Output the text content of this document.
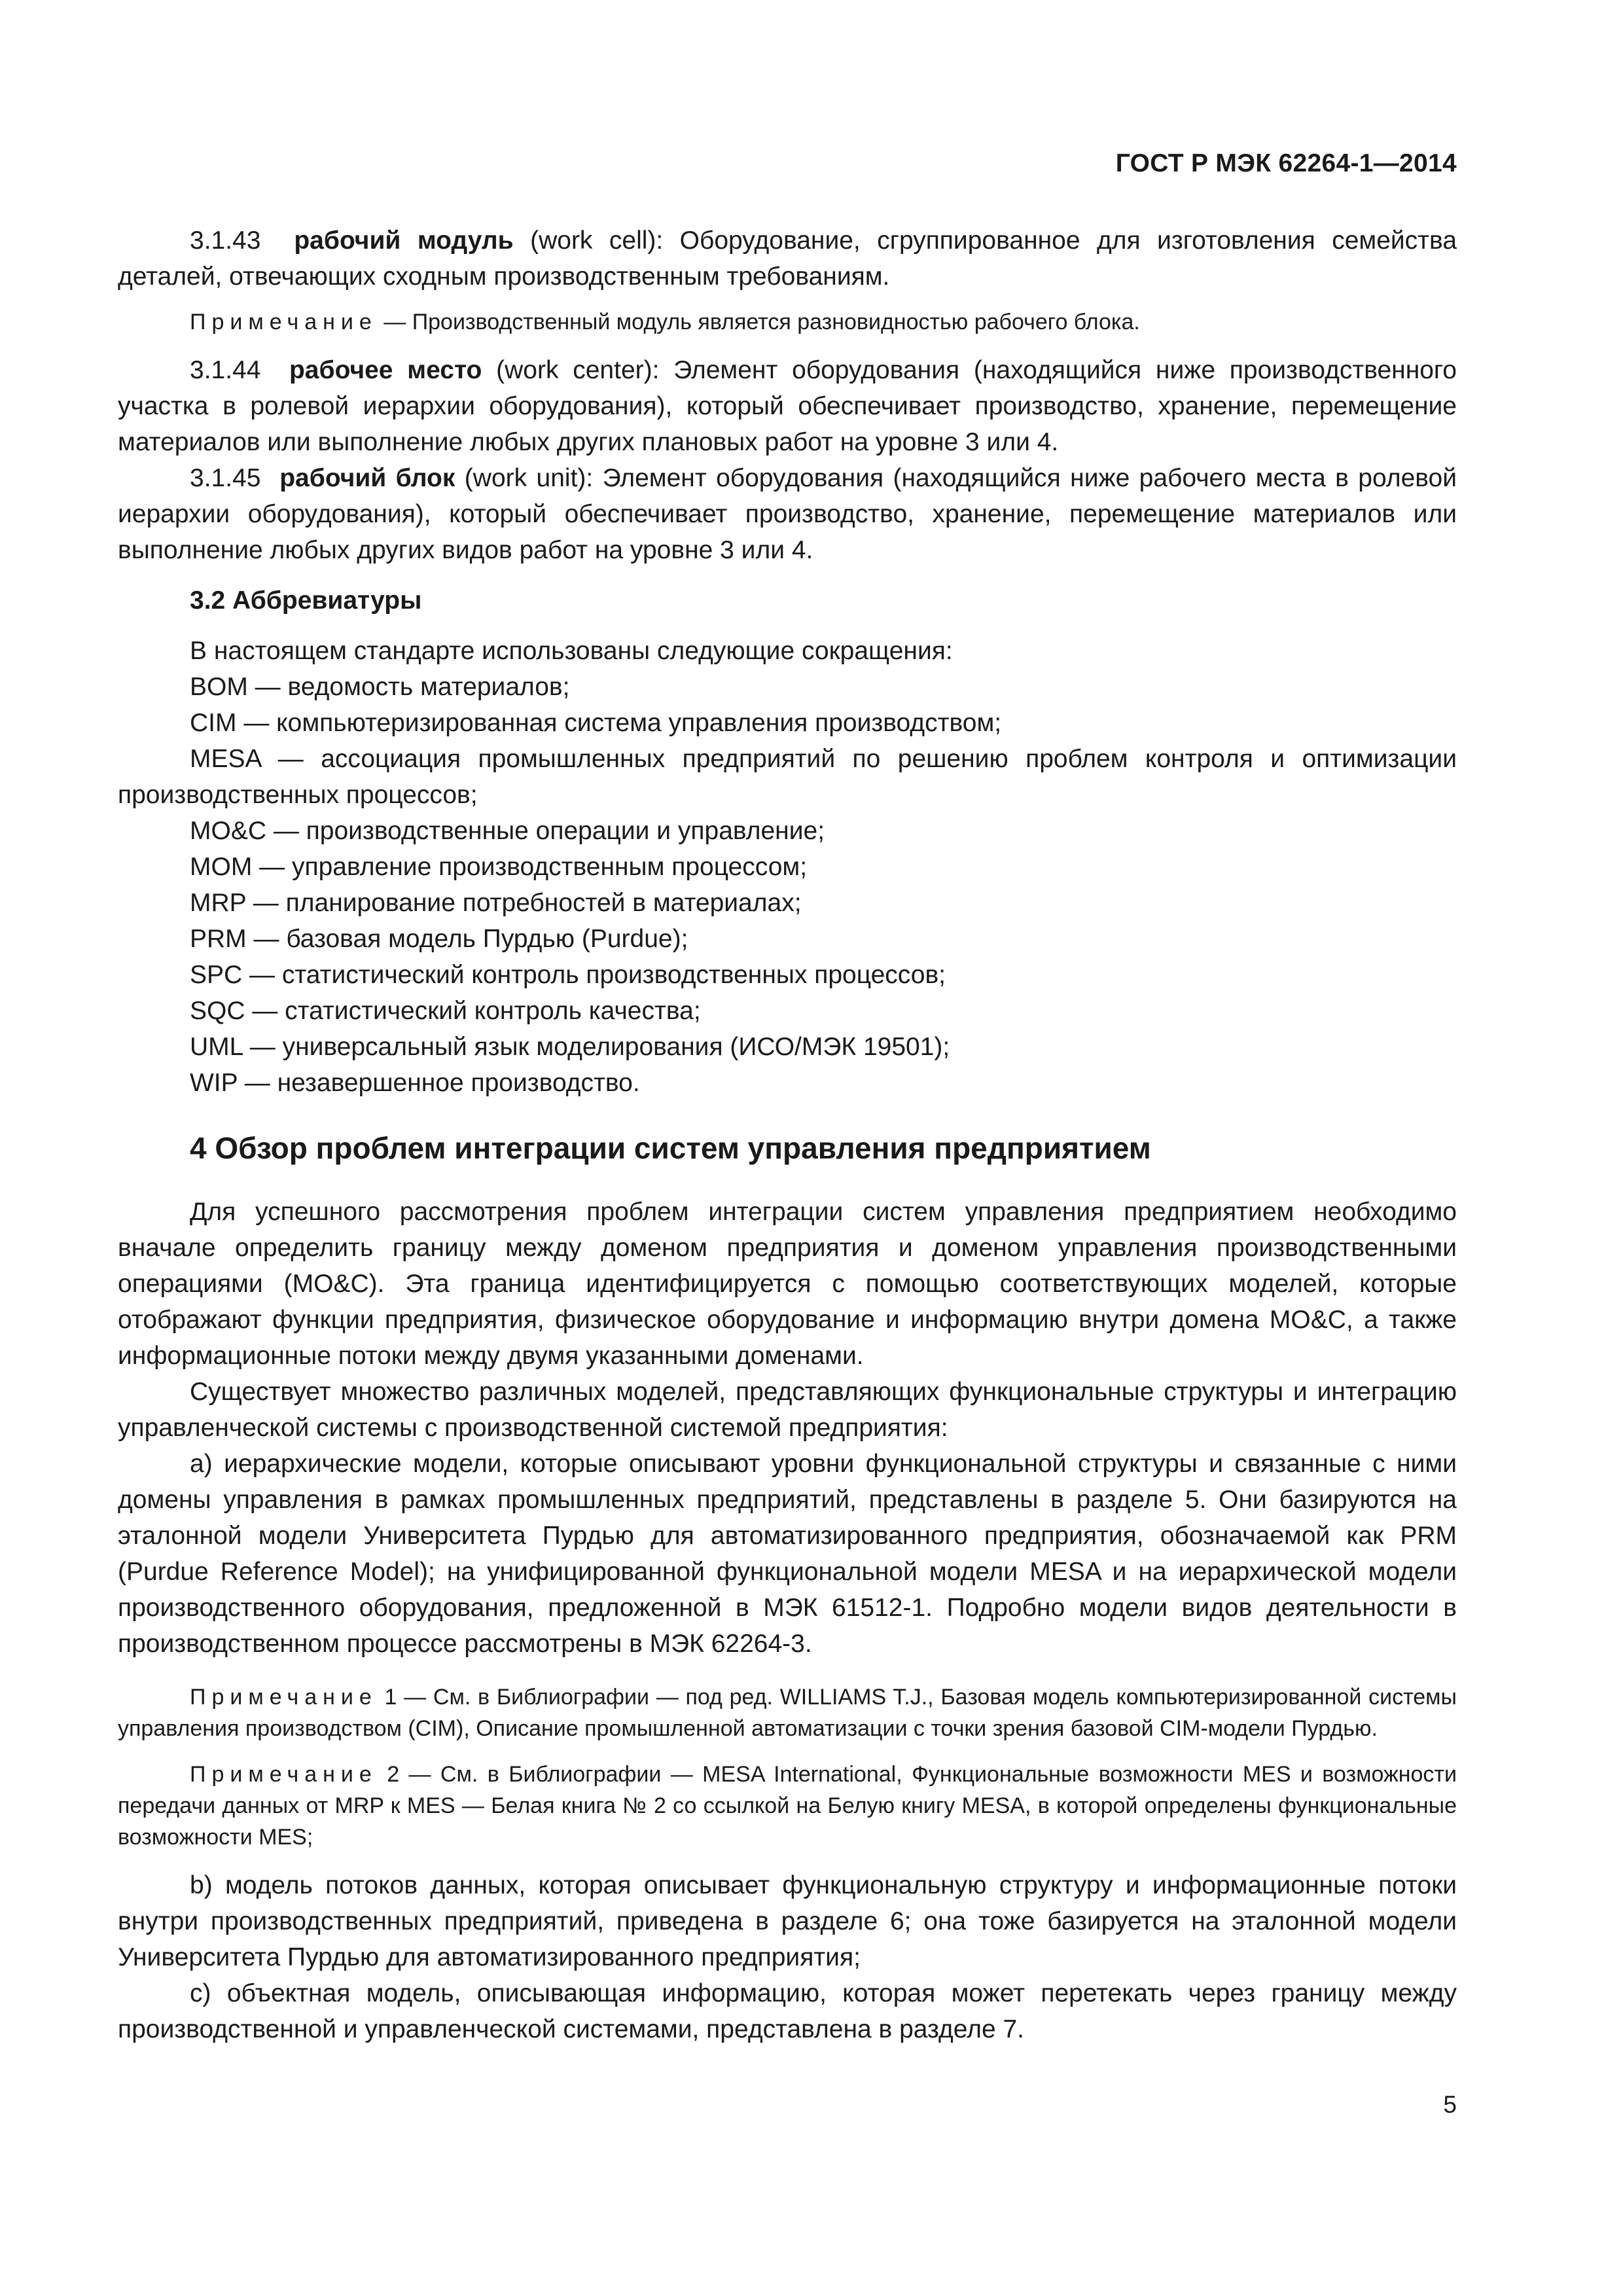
ГОСТ Р МЭК 62264-1—2014

3.1.43 рабочий модуль (work cell): Оборудование, сгруппированное для изготовления семейства деталей, отвечающих сходным производственным требованиям.

Примечание — Производственный модуль является разновидностью рабочего блока.

3.1.44 рабочее место (work center): Элемент оборудования (находящийся ниже производственного участка в ролевой иерархии оборудования), который обеспечивает производство, хранение, перемещение материалов или выполнение любых других плановых работ на уровне 3 или 4.

3.1.45 рабочий блок (work unit): Элемент оборудования (находящийся ниже рабочего места в ролевой иерархии оборудования), который обеспечивает производство, хранение, перемещение материалов или выполнение любых других видов работ на уровне 3 или 4.

3.2 Аббревиатуры

В настоящем стандарте использованы следующие сокращения:

BOM — ведомость материалов;

CIM — компьютеризированная система управления производством;

MESA — ассоциация промышленных предприятий по решению проблем контроля и оптимизации производственных процессов;

MO&C — производственные операции и управление;

MOM — управление производственным процессом;

MRP — планирование потребностей в материалах;

PRM — базовая модель Пурдью (Purdue);

SPC — статистический контроль производственных процессов;

SQC — статистический контроль качества;

UML — универсальный язык моделирования (ИСО/МЭК 19501);

WIP — незавершенное производство.

4 Обзор проблем интеграции систем управления предприятием

Для успешного рассмотрения проблем интеграции систем управления предприятием необходимо вначале определить границу между доменом предприятия и доменом управления производственными операциями (MO&C). Эта граница идентифицируется с помощью соответствующих моделей, которые отображают функции предприятия, физическое оборудование и информацию внутри домена MO&C, а также информационные потоки между двумя указанными доменами.

Существует множество различных моделей, представляющих функциональные структуры и интеграцию управленческой системы с производственной системой предприятия:

а) иерархические модели, которые описывают уровни функциональной структуры и связанные с ними домены управления в рамках промышленных предприятий, представлены в разделе 5. Они базируются на эталонной модели Университета Пурдью для автоматизированного предприятия, обозначаемой как PRM (Purdue Reference Model); на унифицированной функциональной модели MESA и на иерархической модели производственного оборудования, предложенной в МЭК 61512-1. Подробно модели видов деятельности в производственном процессе рассмотрены в МЭК 62264-3.

Примечание 1 — См. в Библиографии — под ред. WILLIAMS T.J., Базовая модель компьютеризированной системы управления производством (CIM), Описание промышленной автоматизации с точки зрения базовой CIM-модели Пурдью.

Примечание 2 — См. в Библиографии — MESA International, Функциональные возможности MES и возможности передачи данных от MRP к MES — Белая книга № 2 со ссылкой на Белую книгу MESA, в которой определены функциональные возможности MES;

b) модель потоков данных, которая описывает функциональную структуру и информационные потоки внутри производственных предприятий, приведена в разделе 6; она тоже базируется на эталонной модели Университета Пурдью для автоматизированного предприятия;

c) объектная модель, описывающая информацию, которая может перетекать через границу между производственной и управленческой системами, представлена в разделе 7.

5
